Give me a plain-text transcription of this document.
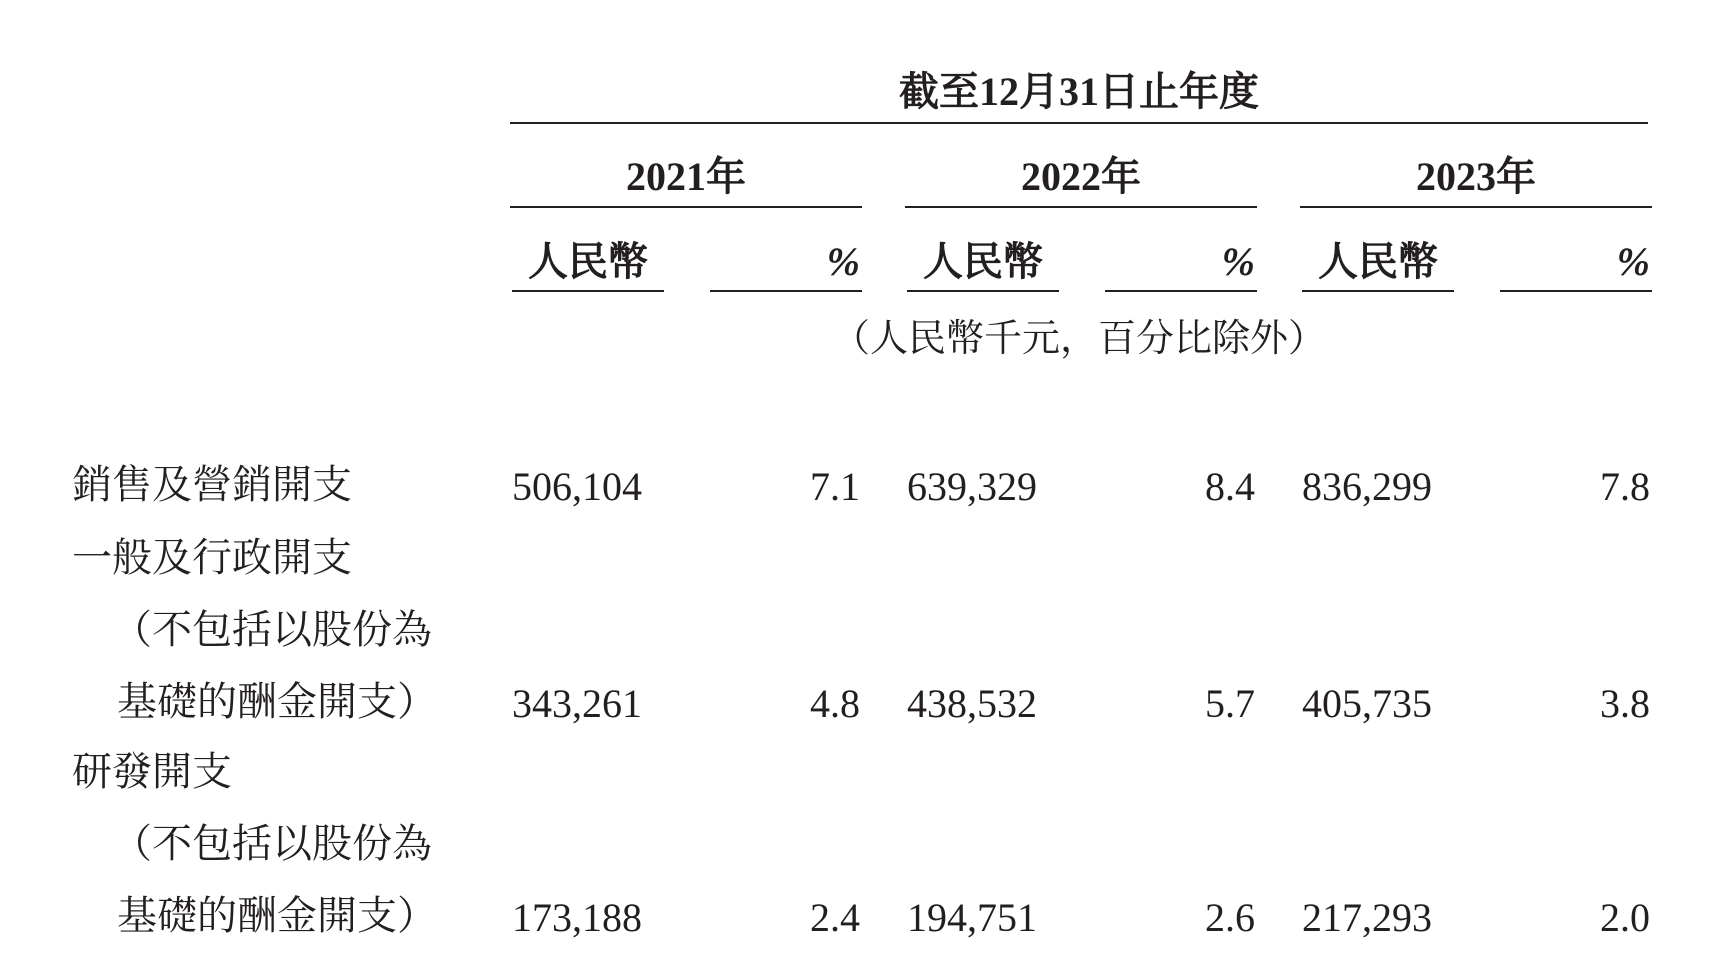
截至12月31日止年度
2021年	2022年	2023年
人民幣	%	人民幣	%	人民幣	%
（人民幣千元，百分比除外）
銷售及營銷開支	506,104	7.1 639,329	8.4 836,299	7.8
一般及行政開支
（不包括以股份為
基礎的酬金開支） 343,261	4.8 438,532	5.7 405,735	3.8
研發開支
（不包括以股份為
基礎的酬金開支） 173,188	2.4 194,751	2.6 217,293	2.0
